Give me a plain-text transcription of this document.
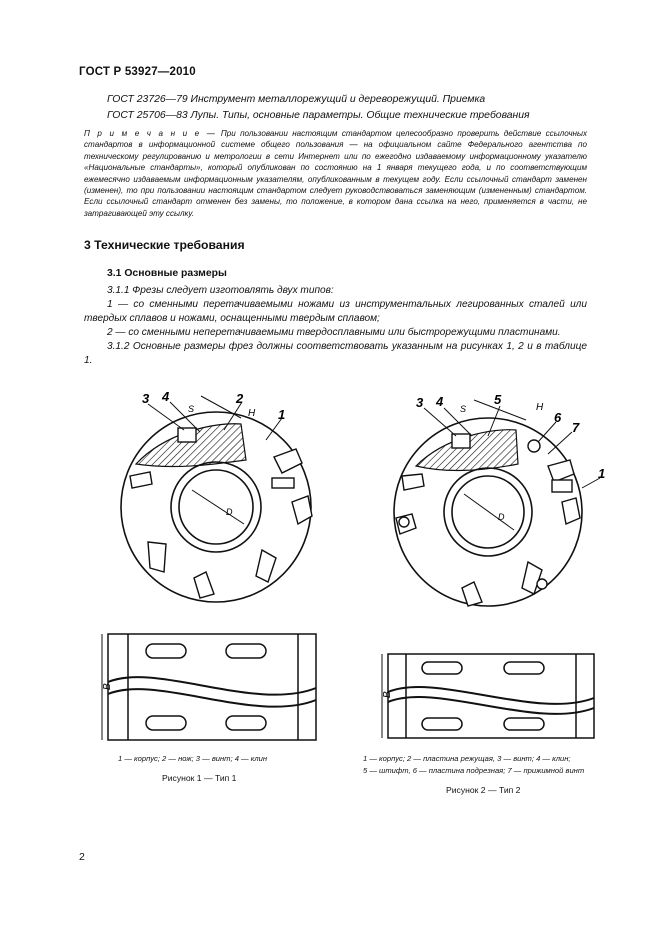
ГОСТ Р 53927—2010
ГОСТ 23726—79 Инструмент металлорежущий и дереворежущий. Приемка
ГОСТ 25706—83 Лупы. Типы, основные параметры. Общие технические требования
П р и м е ч а н и е — При пользовании настоящим стандартом целесообразно проверить действие ссылочных стандартов в информационной системе общего пользования — на официальном сайте Федерального агентства по техническому регулированию и метрологии в сети Интернет или по ежегодно издаваемому информационному указателю «Национальные стандарты», который опубликован по состоянию на 1 января текущего года, и по соответствующим ежемесячно издаваемым информационным указателям, опубликованным в текущем году. Если ссылочный стандарт заменен (изменен), то при пользовании настоящим стандартом следует руководствоваться заменяющим (измененным) стандартом. Если ссылочный стандарт отменен без замены, то положение, в котором дана ссылка на него, применяется в части, не затрагивающей эту ссылку.
3 Технические требования
3.1 Основные размеры
3.1.1 Фрезы следует изготовлять двух типов:
1 — со сменными перетачиваемыми ножами из инструментальных легированных сталей или твердых сплавов и ножами, оснащенными твердым сплавом;
2 — со сменными неперетачиваемыми твердосплавными или быстрорежущими пластинами.
3.1.2 Основные размеры фрез должны соответствовать указанным на рисунках 1, 2 и в таблице 1.
3 4
S
2
H 1
D
B
1 — корпус; 2 — нож; 3 — винт; 4 — клин
Рисунок 1 — Тип 1
3 4 S
5
H
6
7
1
D
B
1 — корпус; 2 — пластина режущая, 3 — винт; 4 — клин;
5 — штифт, 6 — пластина подрезная; 7 — прижимной винт
Рисунок 2 — Тип 2
2
